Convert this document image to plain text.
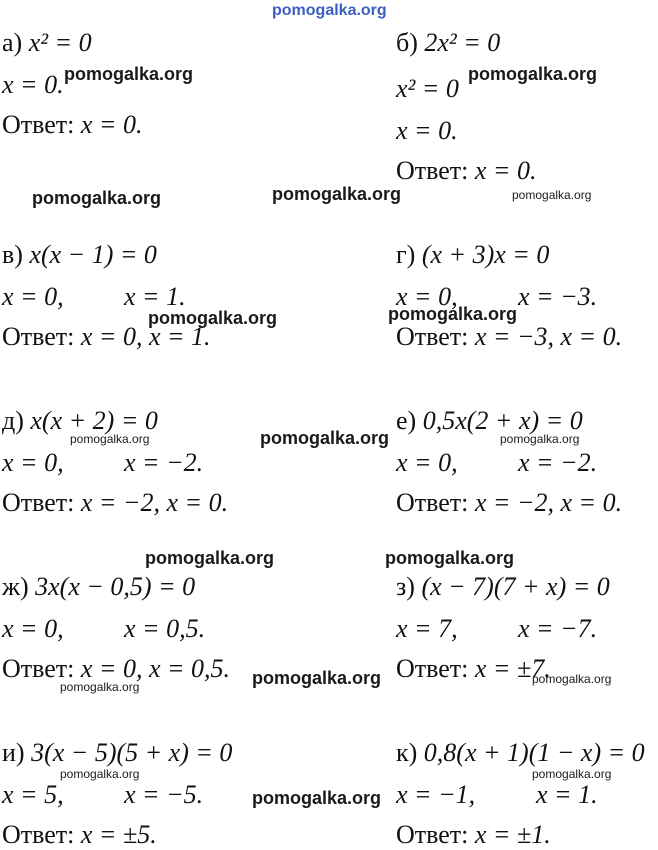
pomogalka.org
а) x² = 0
x = 0.
Ответ: x = 0.
б) 2x² = 0
x² = 0
x = 0.
Ответ: x = 0.
в) x(x − 1) = 0
x = 0, x = 1.
Ответ: x = 0, x = 1.
г) (x + 3)x = 0
x = 0, x = −3.
Ответ: x = −3, x = 0.
д) x(x + 2) = 0
x = 0, x = −2.
Ответ: x = −2, x = 0.
е) 0,5x(2 + x) = 0
x = 0, x = −2.
Ответ: x = −2, x = 0.
ж) 3x(x − 0,5) = 0
x = 0, x = 0,5.
Ответ: x = 0, x = 0,5.
з) (x − 7)(7 + x) = 0
x = 7, x = −7.
Ответ: x = ±7.
и) 3(x − 5)(5 + x) = 0
x = 5, x = −5.
Ответ: x = ±5.
к) 0,8(x + 1)(1 − x) = 0
x = −1, x = 1.
Ответ: x = ±1.
pomogalka.org	pomogalka.org
pomogalka.org	pomogalka.org	pomogalka.org
pomogalka.org	pomogalka.org
pomogalka.org	pomogalka.org	pomogalka.org
pomogalka.org	pomogalka.org
pomogalka.org	pomogalka.org	pomogalka.org
pomogalka.org
pomogalka.org
pomogalka.org
